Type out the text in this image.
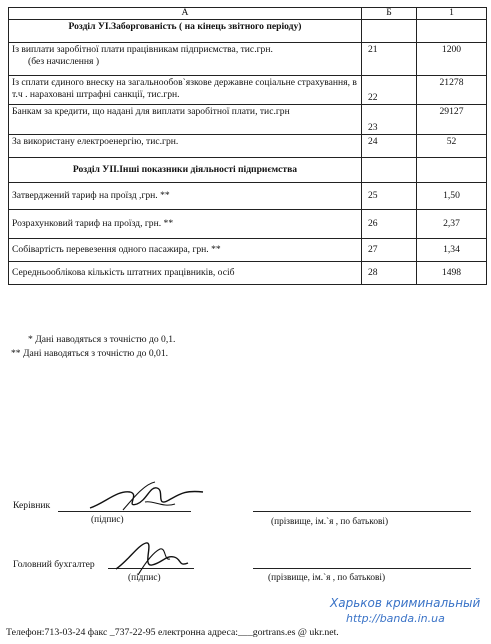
А	Б	1
Розділ УІ.Заборгованість ( на кінець звітного періоду)		

Із виплати заробітної плати працівникам підприємства, тис.грн.
(без начислення )	21	1200
Із сплати єдиного внеску на загальнообов`язкове державне соціальне страхування, в т.ч . нараховані штрафні санкції, тис.грн.	22	21278
Банкам за кредити, що надані для виплати заробітної плати, тис.грн	23	29127
За використану електроенергію, тис.грн.	24	52
Розділ УІІ.Інші показники діяльності підприємства		
Затверджений тариф на проїзд ,грн. **	25	1,50
Розрахунковий тариф на проїзд, грн. **	26	2,37
Собівартість перевезення одного пасажира, грн. **	27	1,34
Середньооблікова кількість штатних працівників, осіб	28	1498
* Дані наводяться з точністю до 0,1.
** Дані наводяться з точністю до 0,01.
Керівник
(підпис)	(прізвище, ім.`я , по батькові)
Головний бухгалтер
(підпис)	(прізвище, ім.`я , по батькові)
Харьков криминальный
http://banda.in.ua
Телефон:713-03-24 факс _737-22-95 електронна адреса:___gortrans.es @ ukr.net.
